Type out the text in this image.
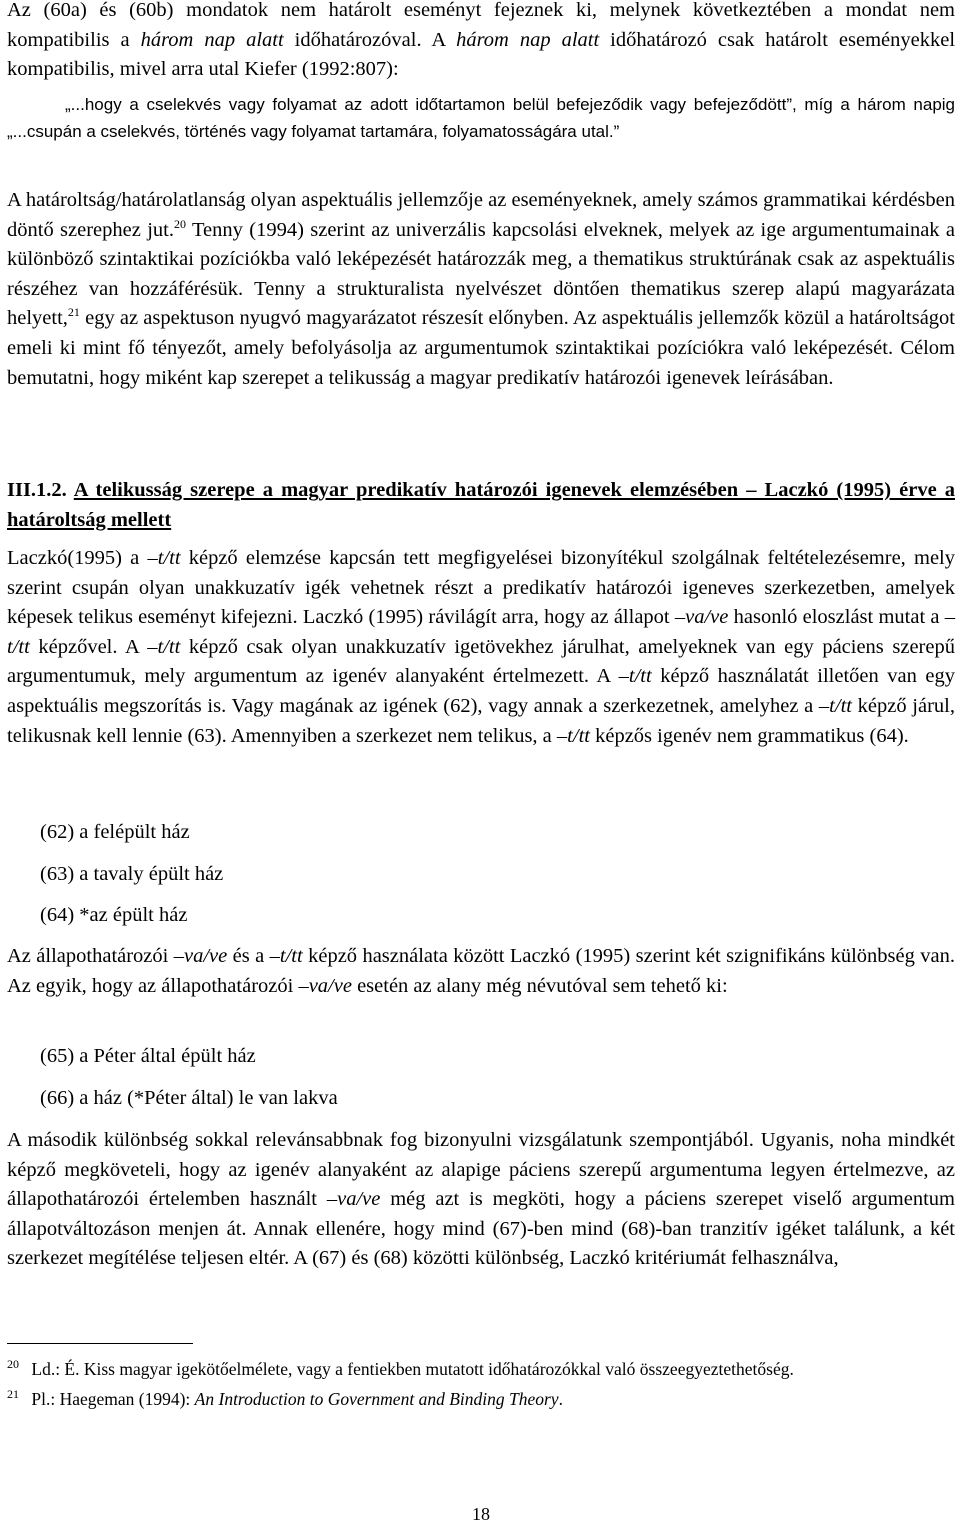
Az (60a) és (60b) mondatok nem határolt eseményt fejeznek ki, melynek következtében a mondat nem kompatibilis a három nap alatt időhatározóval. A három nap alatt időhatározó csak határolt eseményekkel kompatibilis, mivel arra utal Kiefer (1992:807):

„...hogy a cselekvés vagy folyamat az adott időtartamon belül befejeződik vagy befejeződött”, míg a három napig „...csupán a cselekvés, történés vagy folyamat tartamára, folyamatosságára utal.”

A határoltság/határolatlanság olyan aspektuális jellemzője az eseményeknek, amely számos grammatikai kérdésben döntő szerephez jut.$^{20}$ Tenny (1994) szerint az univerzális kapcsolási elveknek, melyek az ige argumentumainak a különböző szintaktikai pozíciókba való leképezését határozzák meg, a thematikus struktúrának csak az aspektuális részéhez van hozzáférésük. Tenny a strukturalista nyelvészet döntően thematikus szerep alapú magyarázata helyett,$^{21}$ egy az aspektuson nyugvó magyarázatot részesít előnyben. Az aspektuális jellemzők közül a határoltságot emeli ki mint fő tényezőt, amely befolyásolja az argumentumok szintaktikai pozíciókra való leképezését. Célom bemutatni, hogy miként kap szerepet a telikusság a magyar predikatív határozói igenevek leírásában.

III.1.2. A telikusság szerepe a magyar predikatív határozói igenevek elemzésében – Laczkó (1995) érve a határoltság mellett

Laczkó(1995) a –t/tt képző elemzése kapcsán tett megfigyelései bizonyítékul szolgálnak feltételezésemre, mely szerint csupán olyan unakkuzatív igék vehetnek részt a predikatív határozói igeneves szerkezetben, amelyek képesek telikus eseményt kifejezni. Laczkó (1995) rávilágít arra, hogy az állapot –va/ve hasonló eloszlást mutat a –t/tt képzővel. A –t/tt képző csak olyan unakkuzatív igetövekhez járulhat, amelyeknek van egy páciens szerepű argumentumuk, mely argumentum az igenév alanyaként értelmezett. A –t/tt képző használatát illetően van egy aspektuális megszorítás is. Vagy magának az igének (62), vagy annak a szerkezetnek, amelyhez a –t/tt képző járul, telikusnak kell lennie (63). Amennyiben a szerkezet nem telikus, a –t/tt képzős igenév nem grammatikus (64).

(62) a felépült ház

(63) a tavaly épült ház

(64) *az épült ház

Az állapothatározói –va/ve és a –t/tt képző használata között Laczkó (1995) szerint két szignifikáns különbség van. Az egyik, hogy az állapothatározói –va/ve esetén az alany még névutóval sem tehető ki:

(65) a Péter által épült ház

(66) a ház (*Péter által) le van lakva

A második különbség sokkal relevánsabbnak fog bizonyulni vizsgálatunk szempontjából. Ugyanis, noha mindkét képző megköveteli, hogy az igenév alanyaként az alapige páciens szerepű argumentuma legyen értelmezve, az állapothatározói értelemben használt –va/ve még azt is megköti, hogy a páciens szerepet viselő argumentum állapotváltozáson menjen át. Annak ellenére, hogy mind (67)-ben mind (68)-ban tranzitív igéket találunk, a két szerkezet megítélése teljesen eltér. A (67) és (68) közötti különbség, Laczkó kritériumát felhasználva,

$^{20}$ Ld.: É. Kiss magyar igekötőelmélete, vagy a fentiekben mutatott időhatározókkal való összeegyeztethetőség.

$^{21}$ Pl.: Haegeman (1994): An Introduction to Government and Binding Theory.

18
